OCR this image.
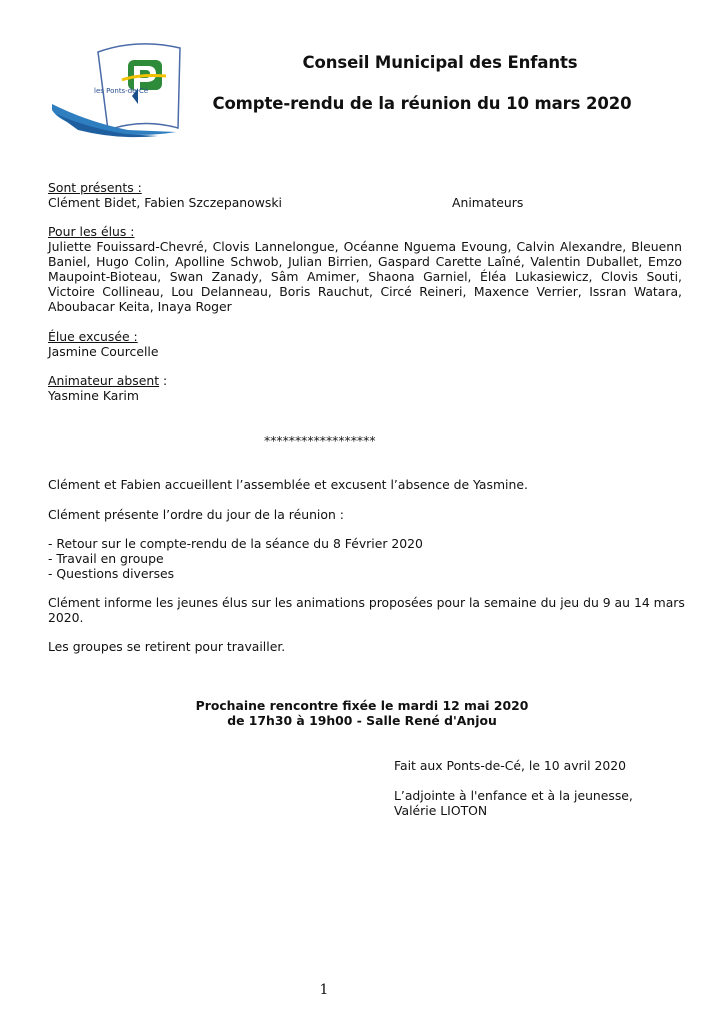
les Ponts-de-Cé
Conseil Municipal des Enfants
Compte-rendu de la réunion du 10 mars 2020
Sont présents :
Clément Bidet, Fabien Szczepanowski	Animateurs
Pour les élus :
Juliette Fouissard-Chevré, Clovis Lannelongue, Océanne Nguema Evoung, Calvin Alexandre, Bleuenn
Baniel, Hugo Colin, Apolline Schwob, Julian Birrien, Gaspard Carette Laîné, Valentin Duballet, Emzo
Maupoint-Bioteau, Swan Zanady, Sâm Amimer, Shaona Garniel, Éléa Lukasiewicz, Clovis Souti,
Victoire Collineau, Lou Delanneau, Boris Rauchut, Circé Reineri, Maxence Verrier, Issran Watara,
Aboubacar Keita, Inaya Roger
Élue excusée :
Jasmine Courcelle
Animateur absent :
Yasmine Karim
******************
Clément et Fabien accueillent l’assemblée et excusent l’absence de Yasmine.
Clément présente l’ordre du jour de la réunion :
- Retour sur le compte-rendu de la séance du 8 Février 2020
- Travail en groupe
- Questions diverses
Clément informe les jeunes élus sur les animations proposées pour la semaine du jeu du 9 au 14 mars
2020.
Les groupes se retirent pour travailler.
Prochaine rencontre fixée le mardi 12 mai 2020
de 17h30 à 19h00 - Salle René d'Anjou
Fait aux Ponts-de-Cé, le 10 avril 2020
L’adjointe à l'enfance et à la jeunesse,
Valérie LIOTON
1
